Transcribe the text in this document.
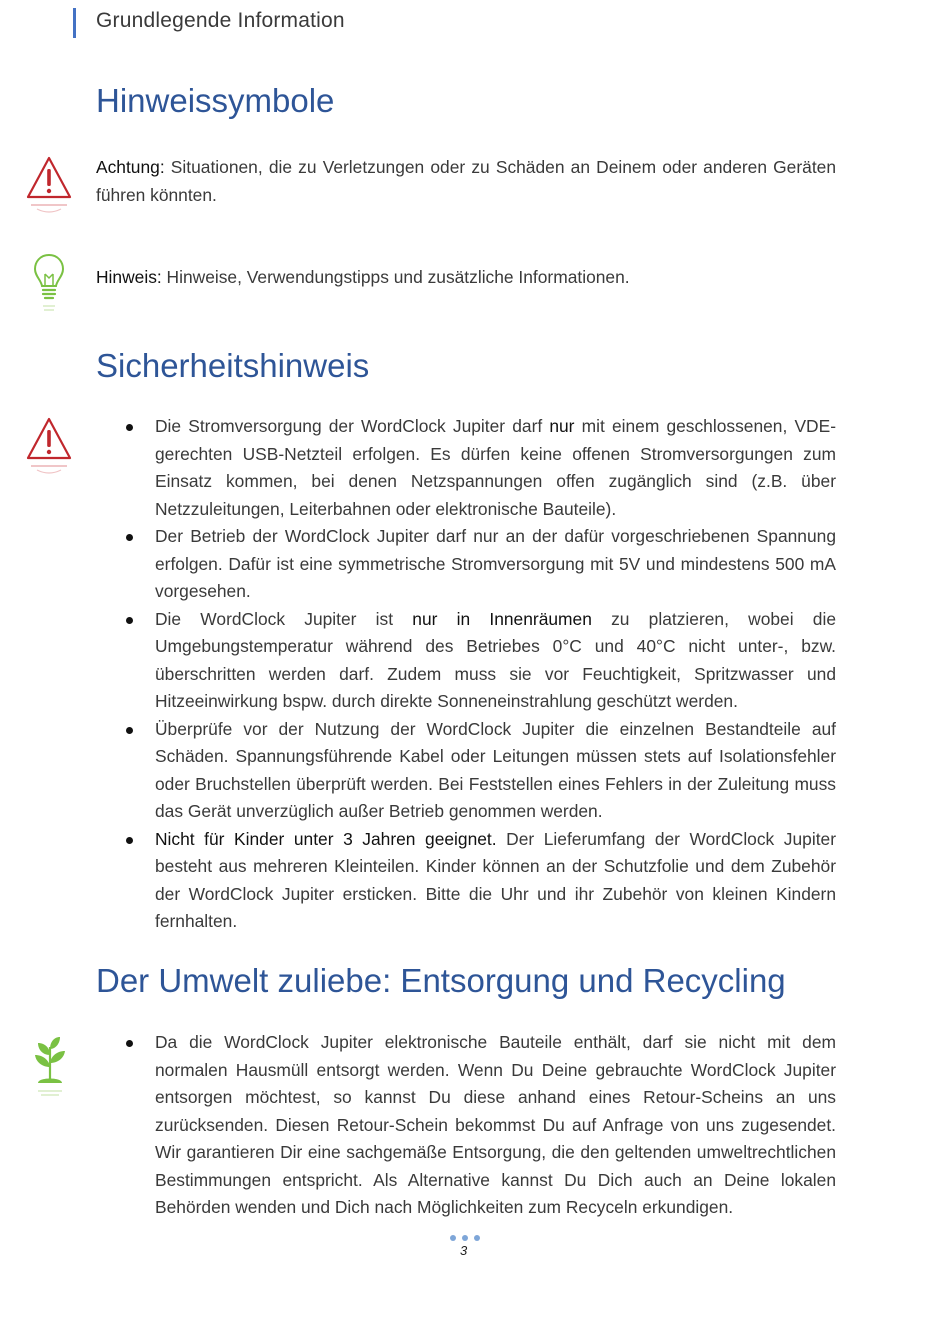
Grundlegende Information
Hinweissymbole
Achtung: Situationen, die zu Verletzungen oder zu Schäden an Deinem oder anderen Geräten führen könnten.
Hinweis: Hinweise, Verwendungstipps und zusätzliche Informationen.
Sicherheitshinweis
Die Stromversorgung der WordClock Jupiter darf nur mit einem geschlossenen, VDE-gerechten USB-Netzteil erfolgen. Es dürfen keine offenen Stromversorgungen zum Einsatz kommen, bei denen Netzspannungen offen zugänglich sind (z.B. über Netzzuleitungen, Leiterbahnen oder elektronische Bauteile).
Der Betrieb der WordClock Jupiter darf nur an der dafür vorgeschriebenen Spannung erfolgen. Dafür ist eine symmetrische Stromversorgung mit 5V und mindestens 500 mA vorgesehen.
Die WordClock Jupiter ist nur in Innenräumen zu platzieren, wobei die Umgebungstemperatur während des Betriebes 0°C und 40°C nicht unter-, bzw. überschritten werden darf. Zudem muss sie vor Feuchtigkeit, Spritzwasser und Hitzeeinwirkung bspw. durch direkte Sonneneinstrahlung geschützt werden.
Überprüfe vor der Nutzung der WordClock Jupiter die einzelnen Bestandteile auf Schäden. Spannungsführende Kabel oder Leitungen müssen stets auf Isolationsfehler oder Bruchstellen überprüft werden. Bei Feststellen eines Fehlers in der Zuleitung muss das Gerät unverzüglich außer Betrieb genommen werden.
Nicht für Kinder unter 3 Jahren geeignet. Der Lieferumfang der WordClock Jupiter besteht aus mehreren Kleinteilen. Kinder können an der Schutzfolie und dem Zubehör der WordClock Jupiter ersticken. Bitte die Uhr und ihr Zubehör von kleinen Kindern fernhalten.
Der Umwelt zuliebe: Entsorgung und Recycling
Da die WordClock Jupiter elektronische Bauteile enthält, darf sie nicht mit dem normalen Hausmüll entsorgt werden. Wenn Du Deine gebrauchte WordClock Jupiter entsorgen möchtest, so kannst Du diese anhand eines Retour-Scheins an uns zurücksenden. Diesen Retour-Schein bekommst Du auf Anfrage von uns zugesendet. Wir garantieren Dir eine sachgemäße Entsorgung, die den geltenden umweltrechtlichen Bestimmungen entspricht. Als Alternative kannst Du Dich auch an Deine lokalen Behörden wenden und Dich nach Möglichkeiten zum Recyceln erkundigen.
3
